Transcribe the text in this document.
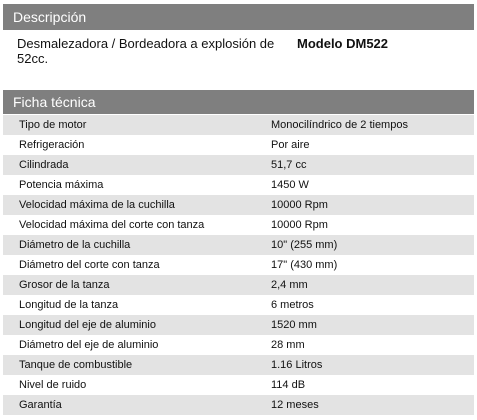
Descripción
Desmalezadora / Bordeadora a explosión de 52cc.
Modelo DM522
Ficha técnica
Tipo de motor	Monocilíndrico de 2 tiempos
Refrigeración	Por aire
Cilindrada	51,7 cc
Potencia máxima	1450 W
Velocidad máxima de la cuchilla	10000 Rpm
Velocidad máxima del corte con tanza	10000 Rpm
Diámetro de la cuchilla	10" (255 mm)
Diámetro del corte con tanza	17" (430 mm)
Grosor de la tanza	2,4 mm
Longitud de la tanza	6 metros
Longitud del eje de aluminio	1520 mm
Diámetro del eje de aluminio	28 mm
Tanque de combustible	1.16 Litros
Nivel de ruido	114 dB
Garantía	12 meses
